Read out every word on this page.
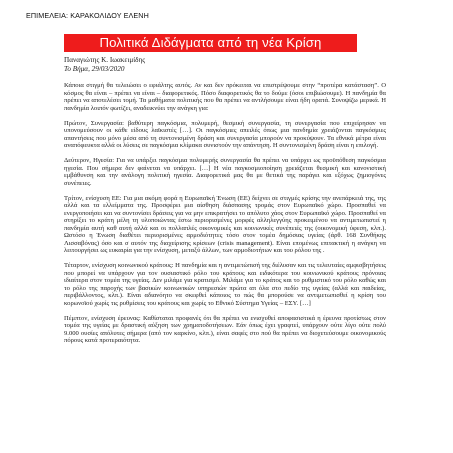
ΕΠΙΜΕΛΕΙΑ: ΚΑΡΑΚΟΛΙΔΟΥ ΕΛΕΝΗ
Πολιτικά Διδάγματα από τη νέα Κρίση
Παναγιώτης Κ. Ιωακειμίδης
Το Βήμα, 29/03/2020

Κάποια στιγμή θα τελειώσει ο εφιάλτης αυτός. Αν και δεν πρόκειται να επιστρέψουμε στην “προτέρα κατάσταση”. Ο κόσμος θα είναι – πρέπει να είναι – διαφορετικός. Πόσο διαφορετικός θα το δούμε (όσοι επιβιώσουμε). Η πανδημία θα πρέπει να αποτελέσει τομή. Τα μαθήματα πολιτικής που θα πρέπει να αντλήσουμε είναι ήδη ορατά. Συνοψίζω μερικά. Η πανδημία λοιπόν φωτίζει, αναδεικνύει την ανάγκη για:

Πρώτον, Συνεργασία: βαθύτερη παγκόσμια, πολυμερή, θεσμική συνεργασία, τη συνεργασία που επιχείρησαν να υπονομεύσουν οι κάθε είδους λαϊκιστές […]. Οι παγκόσμιες απειλές όπως μια πανδημία χρειάζονται παγκόσμιες απαντήσεις που μόνο μέσα από τη συντονισμένη δράση και συνεργασία μπορούν να προκύψουν. Τα εθνικά μέτρα είναι αναπόφευκτα αλλά οι λύσεις σε παγκόσμια κλίμακα συνιστούν την απάντηση. Η συντονισμένη δράση είναι η επιλογή.

Δεύτερον, Ηγεσία: Για να υπάρξει παγκόσμια πολυμερής συνεργασία θα πρέπει να υπάρχει ως προϋπόθεση παγκόσμια ηγεσία. Που σήμερα δεν φαίνεται να υπάρχει. […] Η νέα παγκοσμιοποίηση χρειάζεται θεσμική και κανονιστική εμβάθυνση και την ανάλογη πολιτική ηγεσία. Διαφορετικά μας θα με θετικά της παράγει και εξόχως ζημιογόνες συνέπειες.

Τρίτον, ενίσχυση ΕΕ: Για μια ακόμη φορά η Ευρωπαϊκή Ένωση (ΕΕ) δείχνει σε στιγμές κρίσης την ανεπάρκειά της, της αλλά και τα ελλείμματα της. Προσφέρει μια αίσθηση διάσπασης τρομάς στον Ευρωπαϊκό χώρο. Προσπαθεί να ενεργοποιήσει και να συντονίσει δράσεις για να μην επικρατήσει το απόλυτο χάος στον Ευρωπαϊκό χώρο. Προσπαθεί να στηρίξει το κράτη μέλη τη υλοποιώντας έστω περιορισμένες μορφές αλληλεγγύης προκειμένου να αντιμετωπιστεί η πανδημία αυτή καθ αυτή αλλά και οι πολλαπλές οικονομικές και κοινωνικές συνέπειές της (οικονομική ύφεση, κλπ.). Ωστόσο η Ένωση διαθέτει περιορισμένες αρμοδιότητες τόσο στον τομέα δημόσιας υγείας (άρθ. 168 Συνθήκης Λισσαβόνας) όσο και σ αυτόν της διαχείρισης κρίσεων (crisis management). Είναι επομένως επιτακτική η ανάγκη να λειτουργήσει ως ευκαιρία για την ενίσχυση, μεταξύ άλλων, των αρμοδιοτήτων και του ρόλου της .

Τέταρτον, ενίσχυση κοινωνικού κράτους: Η πανδημία και η αντιμετώπισή της διέλυσαν και τις τελευταίες αμφισβητήσεις που μπορεί να υπάρχουν για τον ουσιαστικό ρόλο του κράτους και ειδικότερα του κοινωνικού κράτους πρόνοιας ιδιαίτερα στον τομέα της υγείας. Δεν μιλάμε για κρατισμό. Μιλάμε για το κράτος και το ρυθμιστικό του ρόλο καθώς και το ρόλο της παροχής των βασικών κοινωνικών υπηρεσιών πρώτα απ όλα στο πεδίο της υγείας (αλλά και παιδείας, περιβάλλοντος, κλπ.). Είναι αδιανόητο να σκεφθεί κάποιος το πώς θα μπορούσε να αντιμετωπισθεί η κρίση του κορωνοϊού χωρίς τις ρυθμίσεις του κράτους και χωρίς το Εθνικό Σύστημα Υγείας – ΕΣΥ. […]

Πέμπτον, ενίσχυση έρευνας: Καθίσταται προφανές ότι θα πρέπει να ενισχυθεί αποφασιστικά η έρευνα προτίστως στον τομέα της υγείας με δραστική αύξηση των χρηματοδοτήσεων. Εάν όπως έχει γραφτεί, υπάρχουν ούτε λίγο ούτε πολύ 9.000 ουσίες απόλυτες σήμερα (από τον καρκίνο, κλπ.), είναι σαφές στο πού θα πρέπει να διοχετεύσουμε οικονομικούς πόρους κατά προτεραιότητα.
